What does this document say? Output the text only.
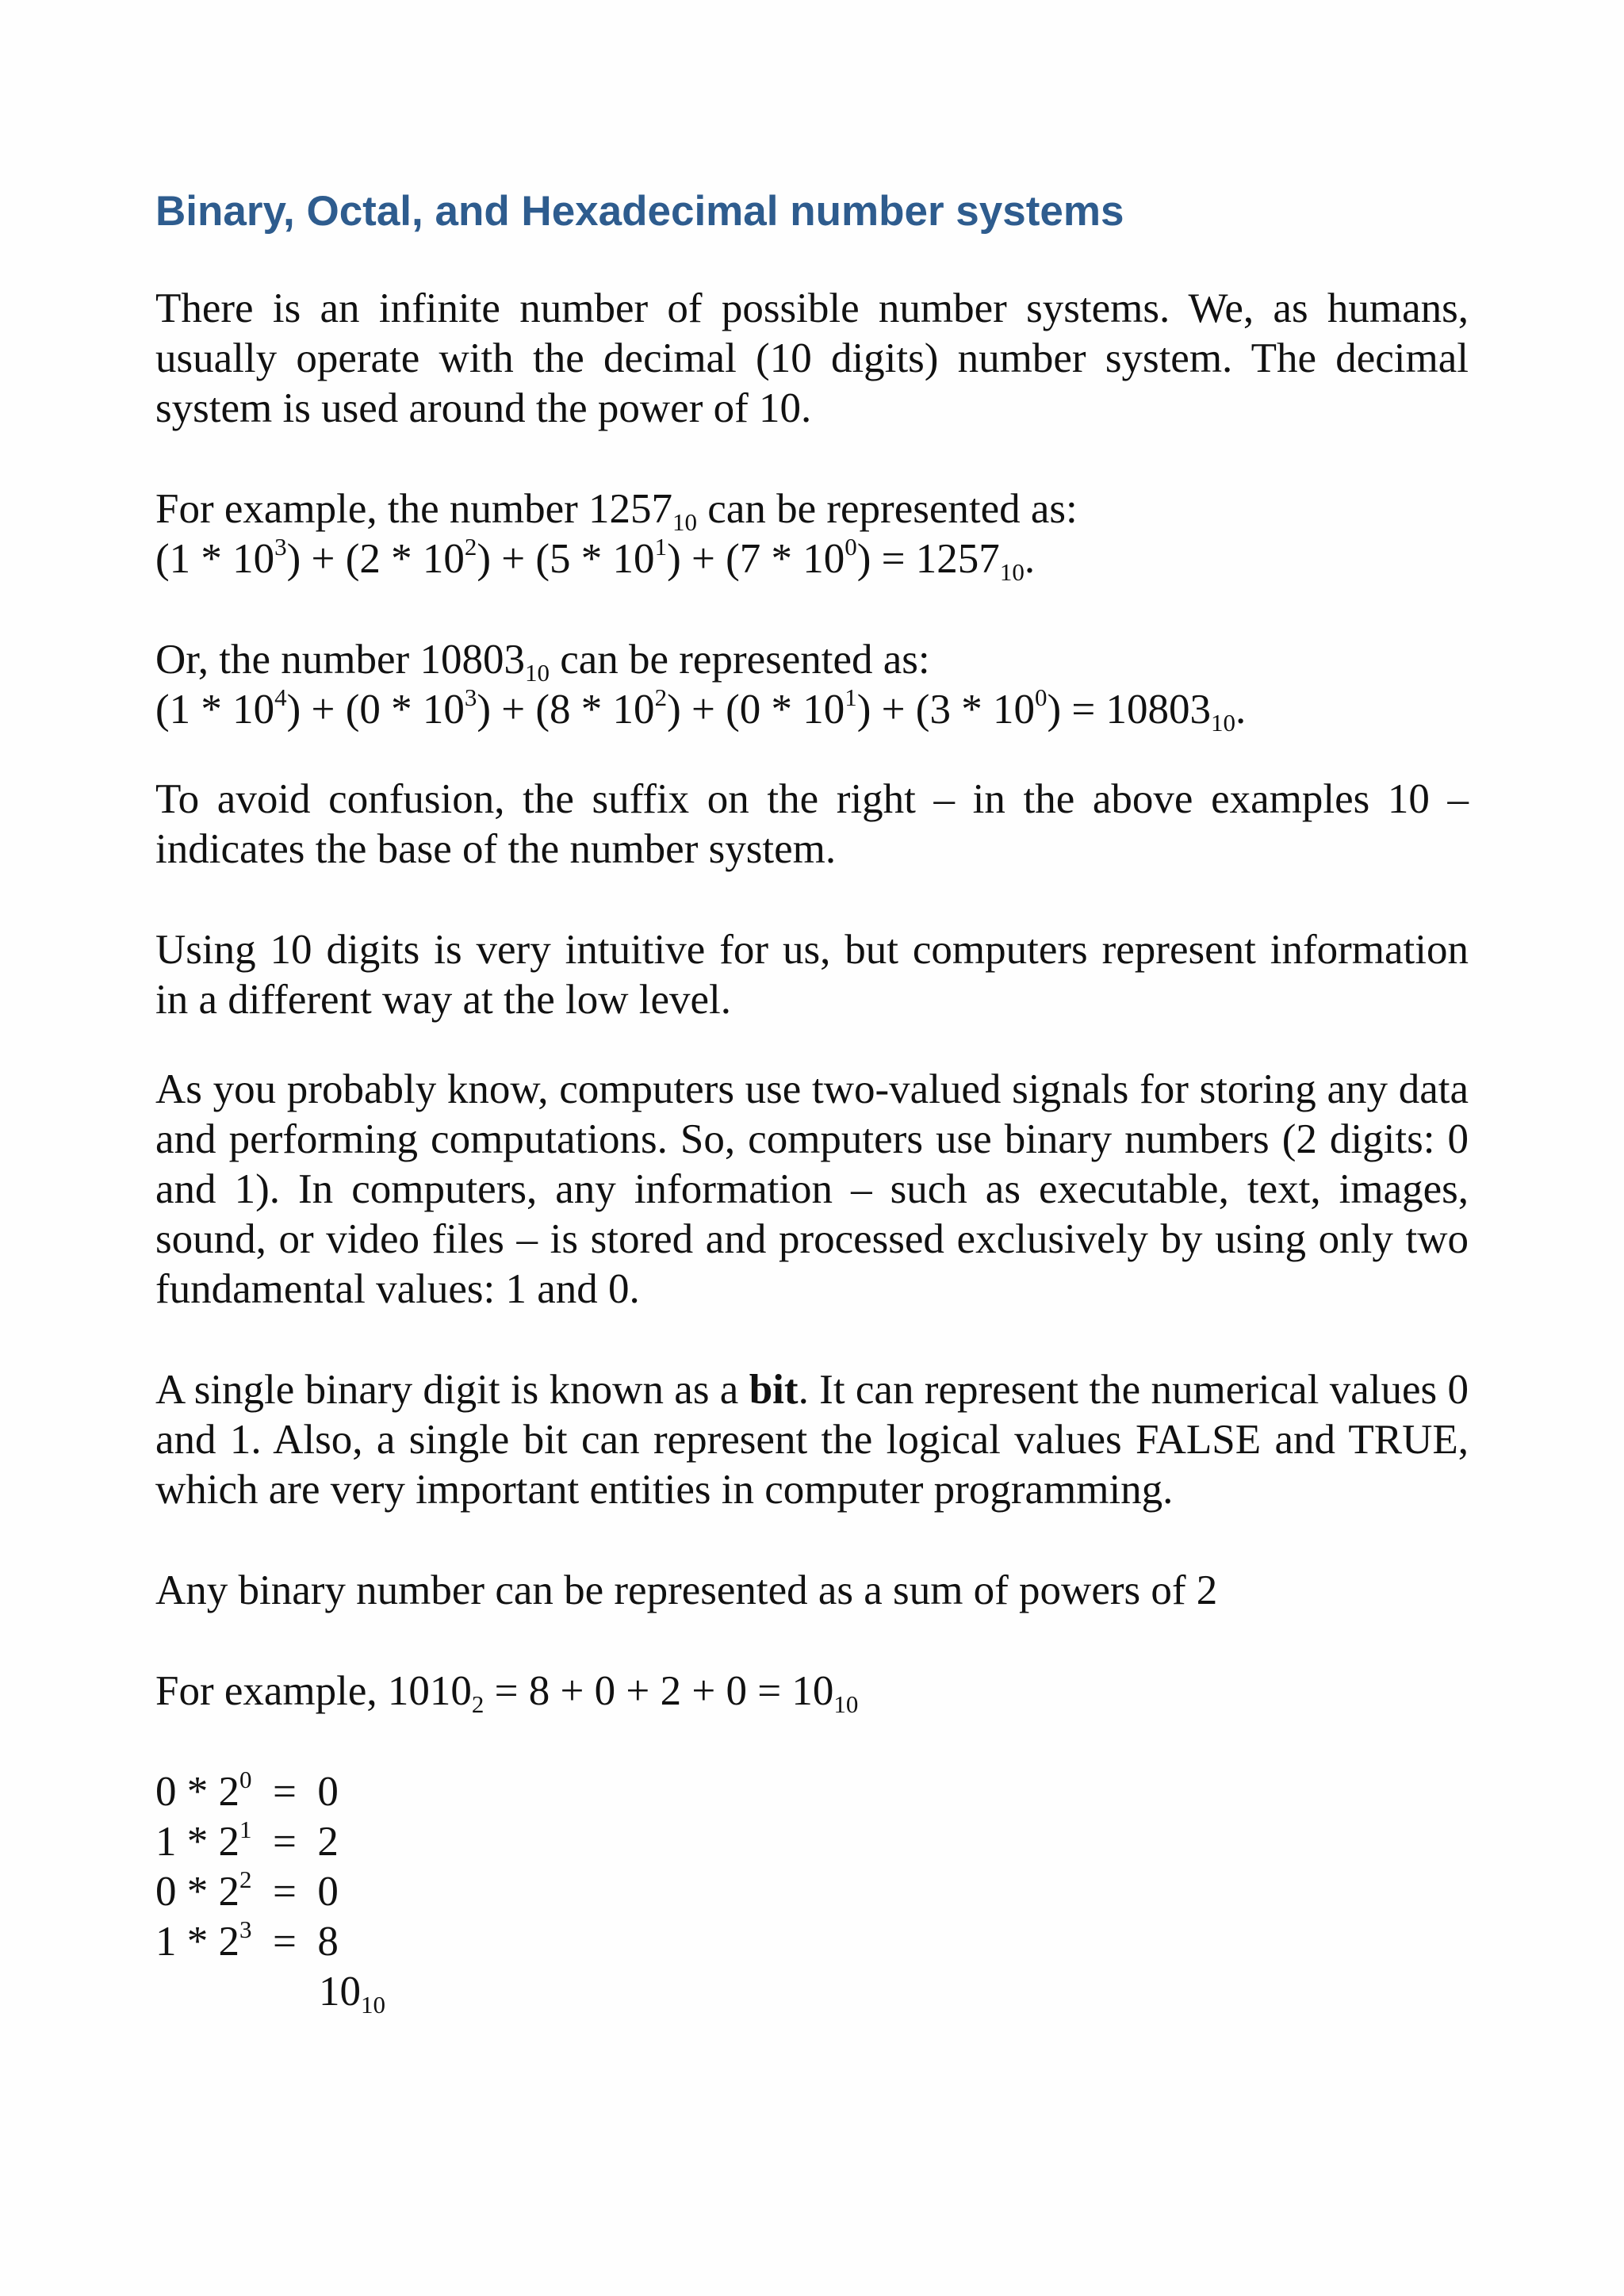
Binary, Octal, and Hexadecimal number systems

There is an infinite number of possible number systems. We, as humans, usually operate with the decimal (10 digits) number system. The decimal system is used around the power of 10.

For example, the number $1257_{10}$ can be represented as:

$(1 * 10^3) + (2 * 10^2) + (5 * 10^1) + (7 * 10^0) = 1257_{10}$.

Or, the number $10803_{10}$ can be represented as:

$(1 * 10^4) + (0 * 10^3) + (8 * 10^2) + (0 * 10^1) + (3 * 10^0) = 10803_{10}$.

To avoid confusion, the suffix on the right – in the above examples 10 – indicates the base of the number system.

Using 10 digits is very intuitive for us, but computers represent information in a different way at the low level.

As you probably know, computers use two-valued signals for storing any data and performing computations. So, computers use binary numbers (2 digits: 0 and 1). In computers, any information – such as executable, text, images, sound, or video files – is stored and processed exclusively by using only two fundamental values: 1 and 0.

A single binary digit is known as a bit. It can represent the numerical values 0 and 1. Also, a single bit can represent the logical values FALSE and TRUE, which are very important entities in computer programming.

Any binary number can be represented as a sum of powers of 2

For example, $1010_2 = 8 + 0 + 2 + 0 = 10_{10}$

$0 * 2^0 = 0$

$1 * 2^1 = 2$

$0 * 2^2 = 0$

$1 * 2^3 = 8$

$10_{10}$
